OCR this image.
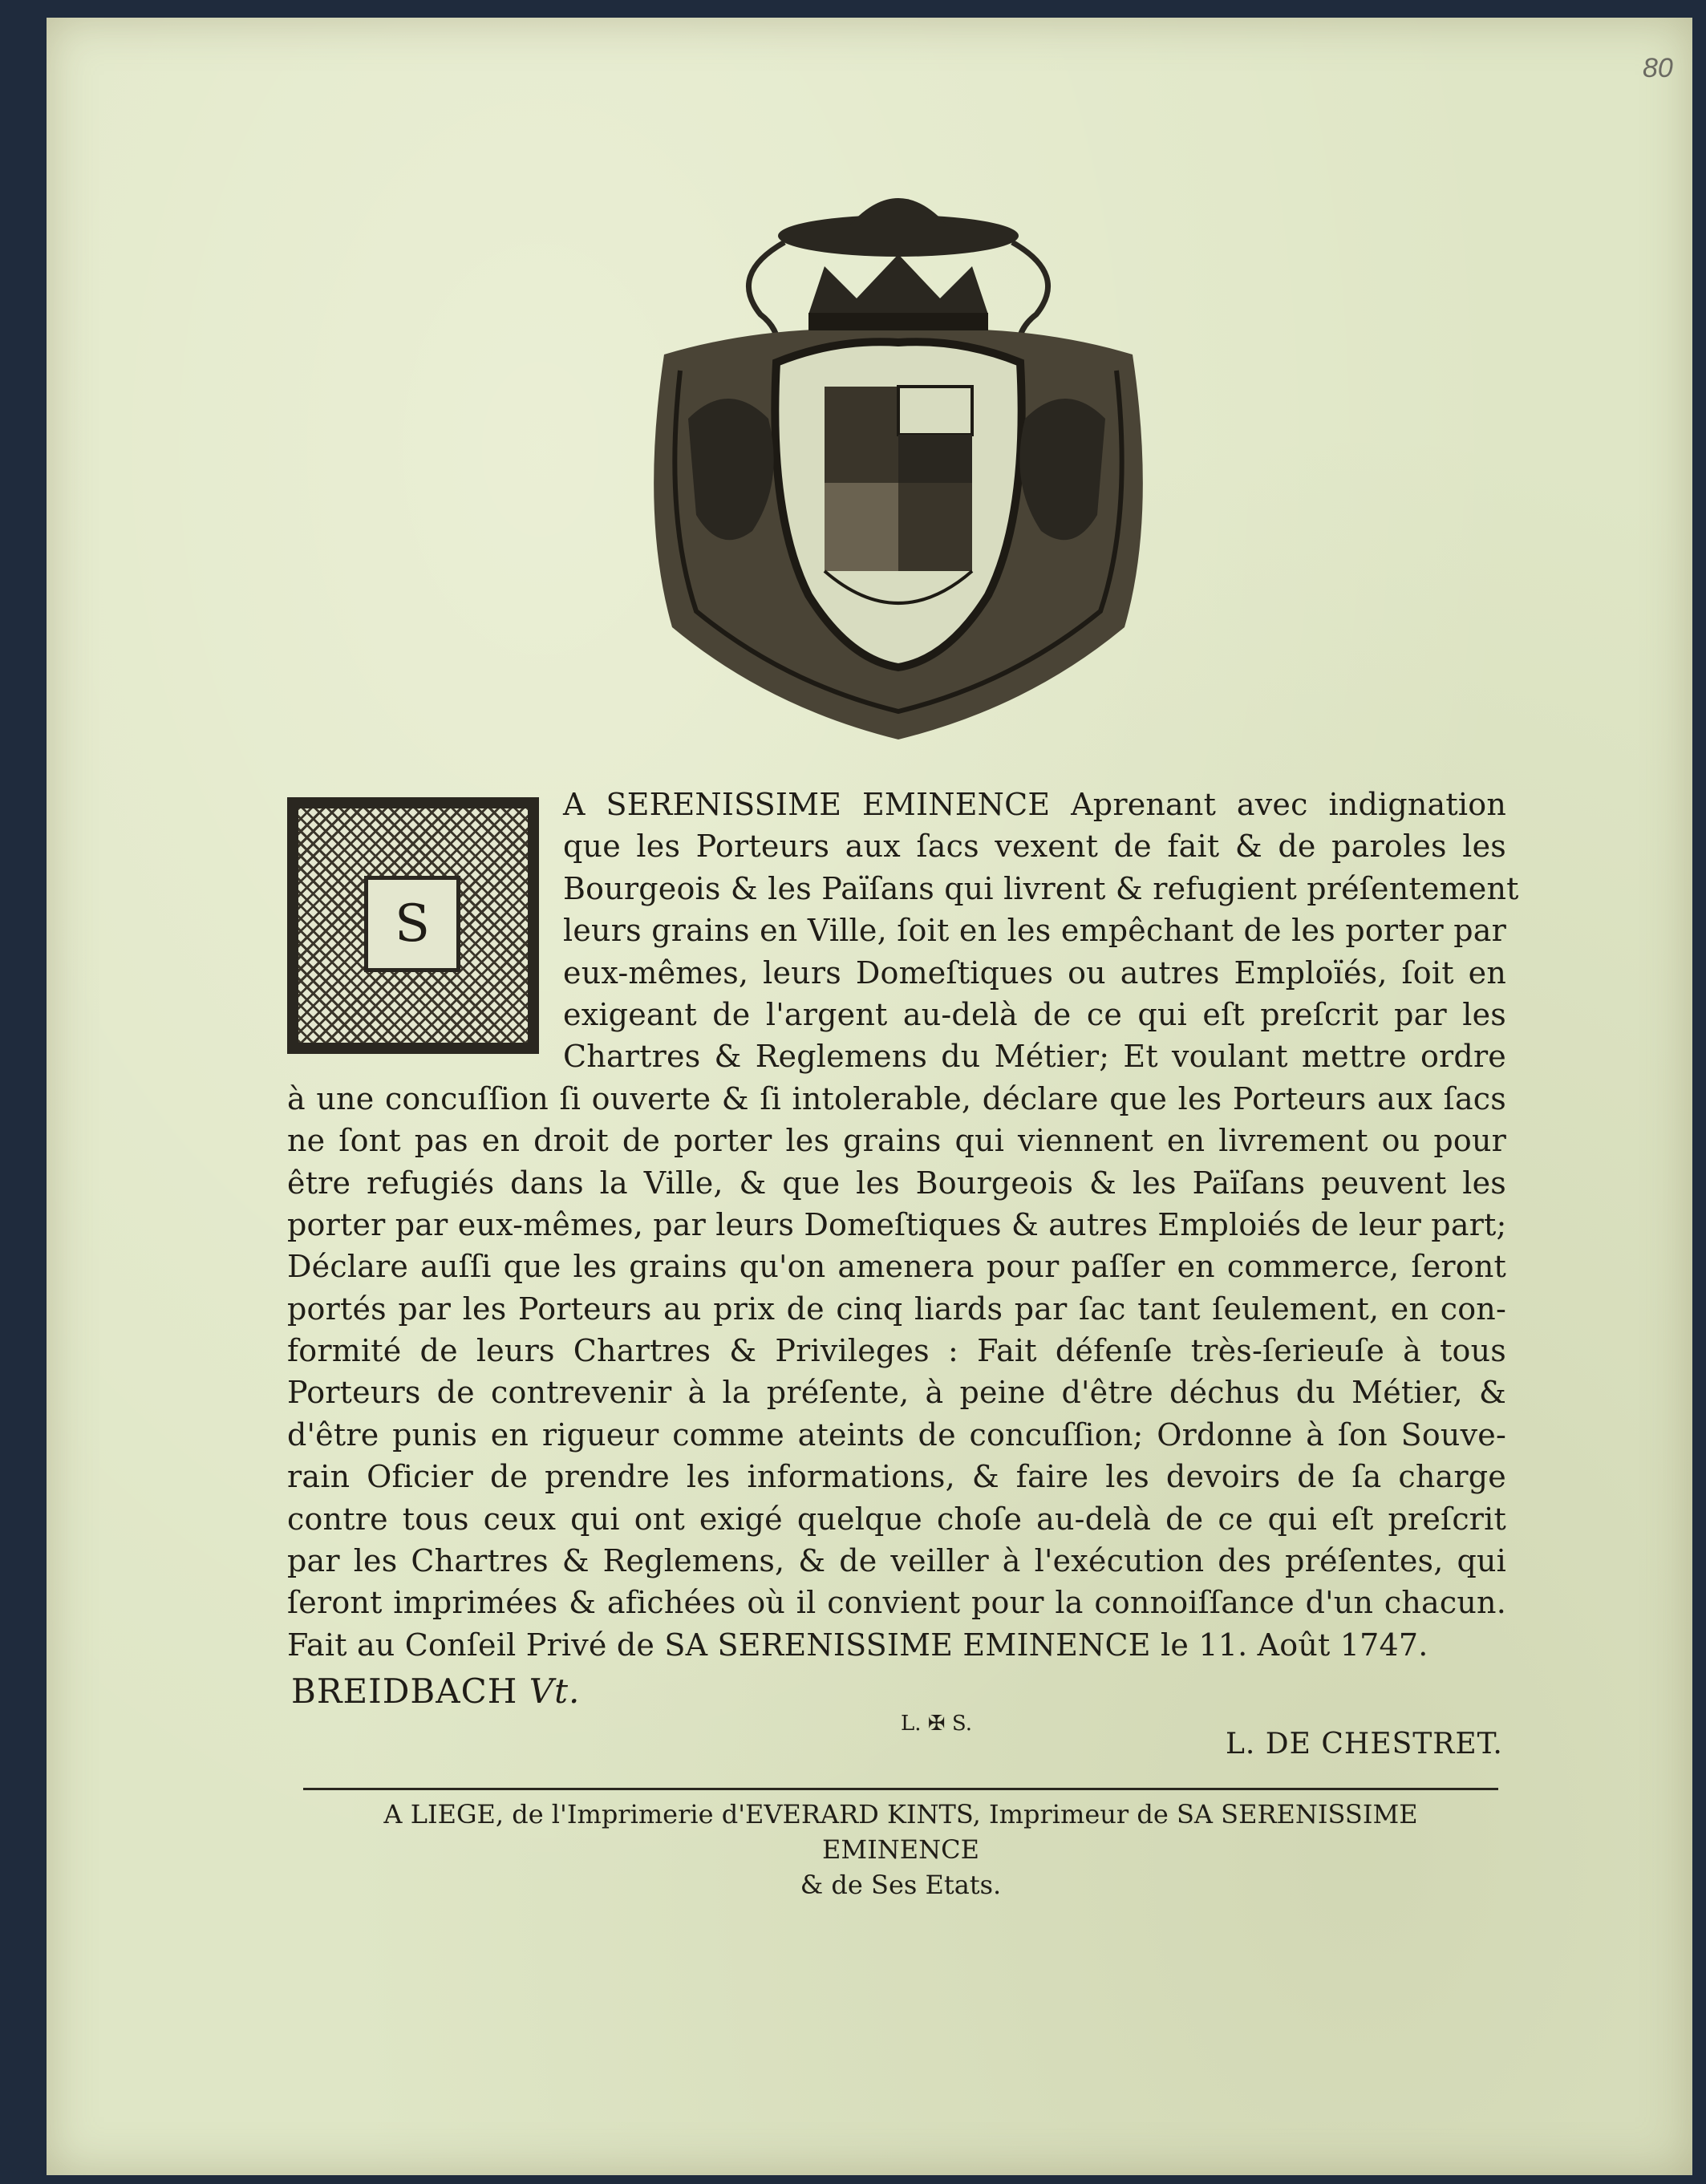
80
S
A SERENISSIME EMINENCE Aprenant avec indignation
que les Porteurs aux ſacs vexent de fait & de paroles les
Bourgeois & les Païſans qui livrent & refugient préſentement
leurs grains en Ville, ſoit en les empêchant de les porter par
eux-mêmes, leurs Domeſtiques ou autres Emploïés, ſoit en
exigeant de l'argent au-delà de ce qui eſt preſcrit par les
Chartres & Reglemens du Métier; Et voulant mettre ordre
à une concuſſion ſi ouverte & ſi intolerable, déclare que les Porteurs aux ſacs
ne ſont pas en droit de porter les grains qui viennent en livrement ou pour
être refugiés dans la Ville, & que les Bourgeois & les Païſans peuvent les
porter par eux-mêmes, par leurs Domeſtiques & autres Emploiés de leur part;
Déclare auſſi que les grains qu'on amenera pour paſſer en commerce, ſeront
portés par les Porteurs au prix de cinq liards par ſac tant ſeulement, en con-
formité de leurs Chartres & Privileges : Fait défenſe très-ſerieuſe à tous
Porteurs de contrevenir à la préſente, à peine d'être déchus du Métier, &
d'être punis en rigueur comme ateints de concuſſion; Ordonne à ſon Souve-
rain Oficier de prendre les informations, & faire les devoirs de ſa charge
contre tous ceux qui ont exigé quelque choſe au-delà de ce qui eſt preſcrit
par les Chartres & Reglemens, & de veiller à l'exécution des préſentes, qui
ſeront imprimées & afichées où il convient pour la connoiſſance d'un chacun.
Fait au Conſeil Privé de SA SERENISSIME EMINENCE le 11. Août 1747.
BREIDBACH Vt.
L. ✠ S.
L. DE CHESTRET.
A LIEGE, de l'Imprimerie d'EVERARD KINTS, Imprimeur de SA SERENISSIME EMINENCE
& de Ses Etats.
